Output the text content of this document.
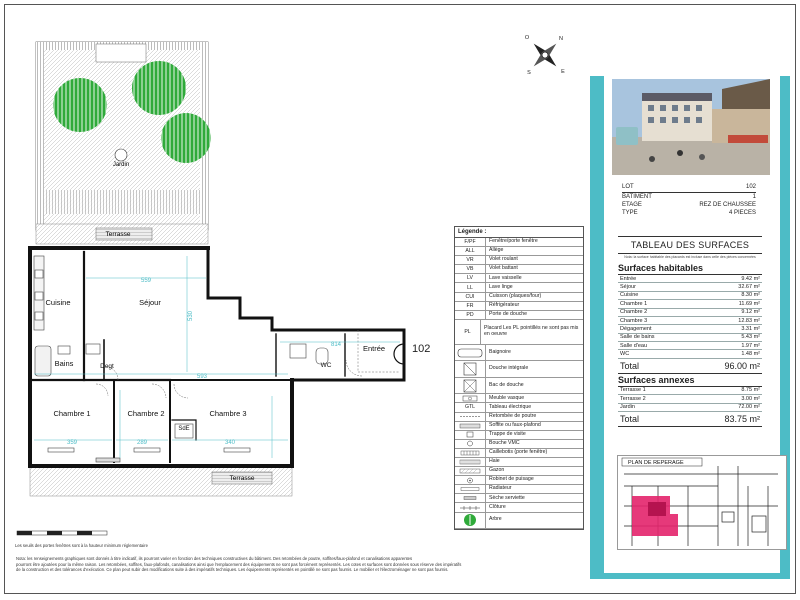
Jardin
Terrasse
Terrasse
559
530
593
814
359	289	340
Cuisine	Séjour
Entrée
Bains	Degt	WC
SdE
Chambre 1	Chambre 2	Chambre 3
N
S	E
O
102
Les seuils des portes fenêtres sont à la hauteur minimum réglementaire
Légende :
F/PF	Fenêtre/porte fenêtre
ALL	Allège
VR	Volet roulant
VB	Volet battant
LV	Lave vaisselle
LL	Lave linge
CUI	Cuisson (plaques/four)
FR	Réfrigérateur
PD	Porte de douche
PL
Placard Les PL pointillés ne sont pas mis en oeuvre
Baignoire
Douche intégrale
Bac de douche
Meuble vasque
GTL	Tableau électrique
Retombée de poutre
Soffite ou faux-plafond
Trappe de visite
Bouche VMC
Caillebotis (porte fenêtre)
Haie
Gazon
Robinet de puisage
Radiateur
Sèche serviette
Clôture
Arbre
LOT	102
BATIMENT	1
ETAGE	REZ DE CHAUSSEE
TYPE	4 PIECES
TABLEAU DES SURFACES
Nota: la surface habitable des placards est incluse dans celle des pièces concernées
Surfaces habitables
Entrée	9.42 m²
Séjour	32.67 m²
Cuisine	8.30 m²
Chambre 1	11.69 m²
Chambre 2	9.12 m²
Chambre 3	12.83 m²
Dégagement	3.31 m²
Salle de bains	5.43 m²
Salle d'eau	1.97 m²
WC	1.48 m²
Total	96.00 m²
Surfaces annexes
Terrasse 1	8.75 m²
Terrasse 2	3.00 m²
Jardin	72.00 m²
Total	83.75 m²
PLAN DE REPERAGE
Nota: les renseignements graphiques sont donnés à titre indicatif, ils pourront varier en fonction des techniques constructives du bâtiment. Des retombées de poutre, soffites/faux-plafond et canalisations apparentes
pourront être ajoutées pour la même raison. Les retombées, soffites, faux-plafonds, canalisations ainsi que l'emplacement des équipements ne sont pas forcément représentés. Les cotes et surfaces sont données sous réserve des impératifs
de la construction et des tolérances d'exécution. Ce plan peut subir des modifications suite à des impératifs techniques. Les équipements représentés en pointillé ne sont pas fournis. Le mobilier et l'électroménager ne sont pas fournis.
